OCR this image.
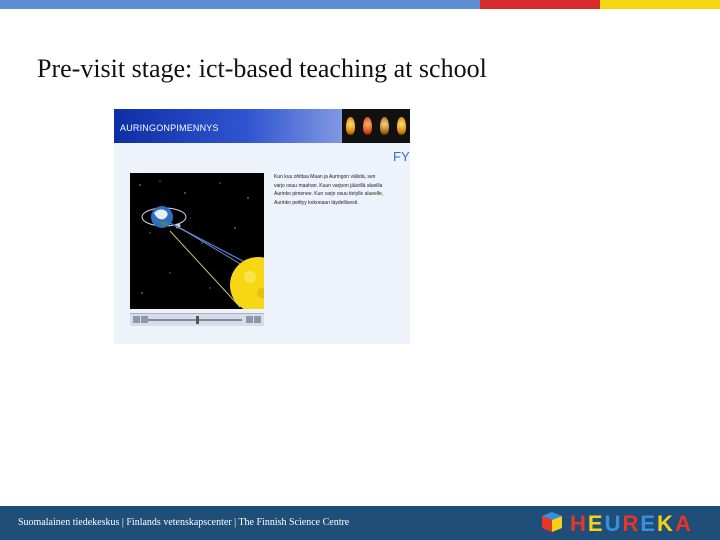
Pre-visit stage: ict-based teaching at school
AURINGONPIMENNYS
FY
Kun kuu ohittaa Maan ja Auringon välistä, sen varjo osuu maahan. Kuun varjoon jäävillä alueilla Aurinko pimenee. Kun varjo osuu tietylle alueelle, Aurinko peittyy kokonaan täydellisesti.
Suomalainen tiedekeskus | Finlands vetenskapscenter | The Finnish Science Centre	HEUREKA
